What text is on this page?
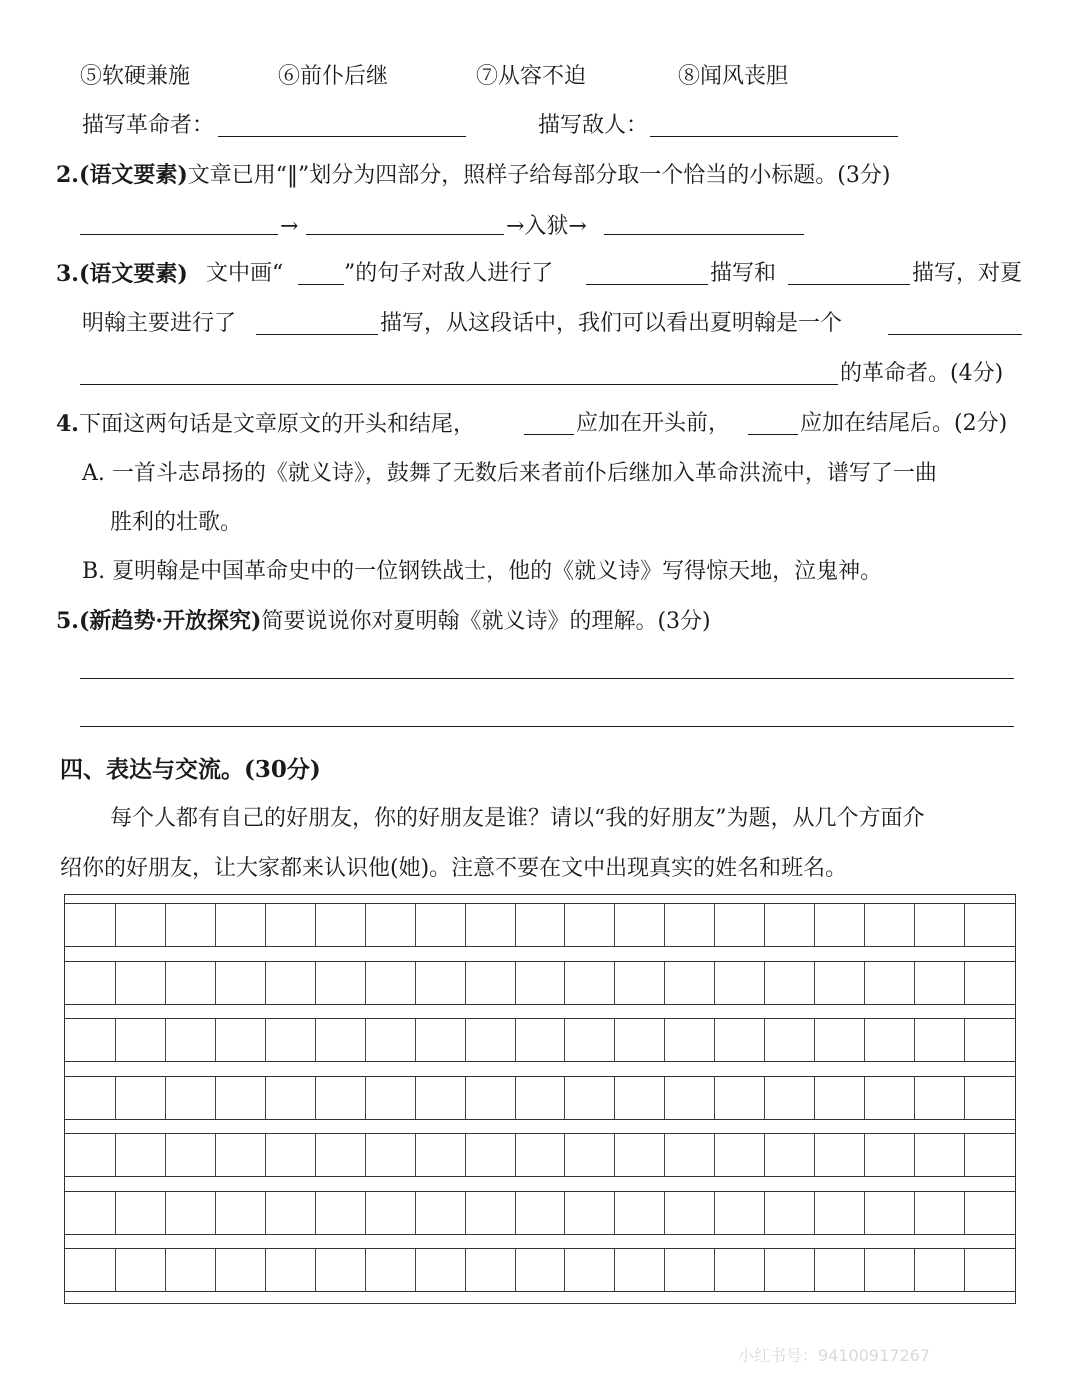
⑤软硬兼施	⑥前仆后继	⑦从容不迫	⑧闻风丧胆
描写革命者：	描写敌人：
2.(语文要素)文章已用“‖”划分为四部分，照样子给每部分取一个恰当的小标题。(3分)
→	→入狱→
3.(语文要素) 文中画“	”的句子对敌人进行了	描写和	描写，对夏
明翰主要进行了	描写，从这段话中，我们可以看出夏明翰是一个
的革命者。(4分)
4.下面这两句话是文章原文的开头和结尾，	应加在开头前，	应加在结尾后。(2分)
A. 一首斗志昂扬的《就义诗》，鼓舞了无数后来者前仆后继加入革命洪流中，谱写了一曲
胜利的壮歌。
B. 夏明翰是中国革命史中的一位钢铁战士，他的《就义诗》写得惊天地，泣鬼神。
5.(新趋势·开放探究)简要说说你对夏明翰《就义诗》的理解。(3分)
四、表达与交流。(30分)
每个人都有自己的好朋友，你的好朋友是谁？请以“我的好朋友”为题，从几个方面介
绍你的好朋友，让大家都来认识他(她)。注意不要在文中出现真实的姓名和班名。
小红书号：94100917267
